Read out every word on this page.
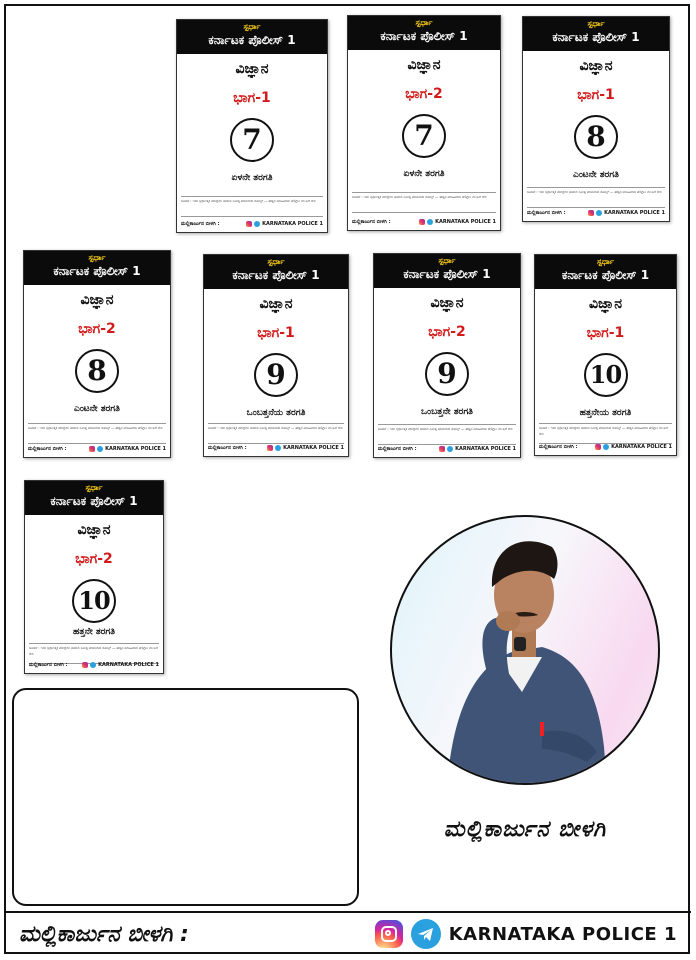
ಸ್ಪರ್ಧಾ
ಕರ್ನಾಟಕ ಪೊಲೀಸ್ 1
ವಿಜ್ಞಾನ
ಭಾಗ-1
7
ಏಳನೇ ತರಗತಿ
ಸೂಚನೆ : ಇದು ಸ್ಪರ್ಧಾತ್ಮಕ ಪರೀಕ್ಷೆಗಳ ತಯಾರಿ ನಿಮಿತ್ತ ಮಾಡಲಾದ ನೋಟ್ಸ್ — ಹೆಚ್ಚಿನ ಮಾಹಿತಿಗಾಗಿ ಟೆಲಿಗ್ರಾಂ ಗುಂಪಿಗೆ ಸೇರಿ
ಮಲ್ಲಿಕಾರ್ಜುನ ಬೀಳಗಿ :	KARNATAKA POLICE 1
ಸ್ಪರ್ಧಾ
ಕರ್ನಾಟಕ ಪೊಲೀಸ್ 1
ವಿಜ್ಞಾನ
ಭಾಗ-2
7
ಏಳನೇ ತರಗತಿ
ಸೂಚನೆ : ಇದು ಸ್ಪರ್ಧಾತ್ಮಕ ಪರೀಕ್ಷೆಗಳ ತಯಾರಿ ನಿಮಿತ್ತ ಮಾಡಲಾದ ನೋಟ್ಸ್ — ಹೆಚ್ಚಿನ ಮಾಹಿತಿಗಾಗಿ ಟೆಲಿಗ್ರಾಂ ಗುಂಪಿಗೆ ಸೇರಿ
ಮಲ್ಲಿಕಾರ್ಜುನ ಬೀಳಗಿ :	KARNATAKA POLICE 1
ಸ್ಪರ್ಧಾ
ಕರ್ನಾಟಕ ಪೊಲೀಸ್ 1
ವಿಜ್ಞಾನ
ಭಾಗ-1
8
ಎಂಟನೇ ತರಗತಿ
ಸೂಚನೆ : ಇದು ಸ್ಪರ್ಧಾತ್ಮಕ ಪರೀಕ್ಷೆಗಳ ತಯಾರಿ ನಿಮಿತ್ತ ಮಾಡಲಾದ ನೋಟ್ಸ್ — ಹೆಚ್ಚಿನ ಮಾಹಿತಿಗಾಗಿ ಟೆಲಿಗ್ರಾಂ ಗುಂಪಿಗೆ ಸೇರಿ
ಮಲ್ಲಿಕಾರ್ಜುನ ಬೀಳಗಿ :	KARNATAKA POLICE 1
ಸ್ಪರ್ಧಾ
ಕರ್ನಾಟಕ ಪೊಲೀಸ್ 1
ವಿಜ್ಞಾನ
ಭಾಗ-2
8
ಎಂಟನೇ ತರಗತಿ
ಸೂಚನೆ : ಇದು ಸ್ಪರ್ಧಾತ್ಮಕ ಪರೀಕ್ಷೆಗಳ ತಯಾರಿ ನಿಮಿತ್ತ ಮಾಡಲಾದ ನೋಟ್ಸ್ — ಹೆಚ್ಚಿನ ಮಾಹಿತಿಗಾಗಿ ಟೆಲಿಗ್ರಾಂ ಗುಂಪಿಗೆ ಸೇರಿ
ಮಲ್ಲಿಕಾರ್ಜುನ ಬೀಳಗಿ :	KARNATAKA POLICE 1
ಸ್ಪರ್ಧಾ
ಕರ್ನಾಟಕ ಪೊಲೀಸ್ 1
ವಿಜ್ಞಾನ
ಭಾಗ-1
9
ಒಂಬತ್ತನೆಯ ತರಗತಿ
ಸೂಚನೆ : ಇದು ಸ್ಪರ್ಧಾತ್ಮಕ ಪರೀಕ್ಷೆಗಳ ತಯಾರಿ ನಿಮಿತ್ತ ಮಾಡಲಾದ ನೋಟ್ಸ್ — ಹೆಚ್ಚಿನ ಮಾಹಿತಿಗಾಗಿ ಟೆಲಿಗ್ರಾಂ ಗುಂಪಿಗೆ ಸೇರಿ
ಮಲ್ಲಿಕಾರ್ಜುನ ಬೀಳಗಿ :	KARNATAKA POLICE 1
ಸ್ಪರ್ಧಾ
ಕರ್ನಾಟಕ ಪೊಲೀಸ್ 1
ವಿಜ್ಞಾನ
ಭಾಗ-2
9
ಒಂಬತ್ತನೇ ತರಗತಿ
ಸೂಚನೆ : ಇದು ಸ್ಪರ್ಧಾತ್ಮಕ ಪರೀಕ್ಷೆಗಳ ತಯಾರಿ ನಿಮಿತ್ತ ಮಾಡಲಾದ ನೋಟ್ಸ್ — ಹೆಚ್ಚಿನ ಮಾಹಿತಿಗಾಗಿ ಟೆಲಿಗ್ರಾಂ ಗುಂಪಿಗೆ ಸೇರಿ
ಮಲ್ಲಿಕಾರ್ಜುನ ಬೀಳಗಿ :	KARNATAKA POLICE 1
ಸ್ಪರ್ಧಾ
ಕರ್ನಾಟಕ ಪೊಲೀಸ್ 1
ವಿಜ್ಞಾನ
ಭಾಗ-1
10
ಹತ್ತನೇಯ ತರಗತಿ
ಸೂಚನೆ : ಇದು ಸ್ಪರ್ಧಾತ್ಮಕ ಪರೀಕ್ಷೆಗಳ ತಯಾರಿ ನಿಮಿತ್ತ ಮಾಡಲಾದ ನೋಟ್ಸ್ — ಹೆಚ್ಚಿನ ಮಾಹಿತಿಗಾಗಿ ಟೆಲಿಗ್ರಾಂ ಗುಂಪಿಗೆ ಸೇರಿ
ಮಲ್ಲಿಕಾರ್ಜುನ ಬೀಳಗಿ :	KARNATAKA POLICE 1
ಸ್ಪರ್ಧಾ
ಕರ್ನಾಟಕ ಪೊಲೀಸ್ 1
ವಿಜ್ಞಾನ
ಭಾಗ-2
10
ಹತ್ತನೇ ತರಗತಿ
ಸೂಚನೆ : ಇದು ಸ್ಪರ್ಧಾತ್ಮಕ ಪರೀಕ್ಷೆಗಳ ತಯಾರಿ ನಿಮಿತ್ತ ಮಾಡಲಾದ ನೋಟ್ಸ್ — ಹೆಚ್ಚಿನ ಮಾಹಿತಿಗಾಗಿ ಟೆಲಿಗ್ರಾಂ ಗುಂಪಿಗೆ ಸೇರಿ
ಮಲ್ಲಿಕಾರ್ಜುನ ಬೀಳಗಿ :	KARNATAKA POLICE 1
ಮಲ್ಲಿಕಾರ್ಜುನ ಬೀಳಗಿ
ಮಲ್ಲಿಕಾರ್ಜುನ ಬೀಳಗಿ :	KARNATAKA POLICE 1
